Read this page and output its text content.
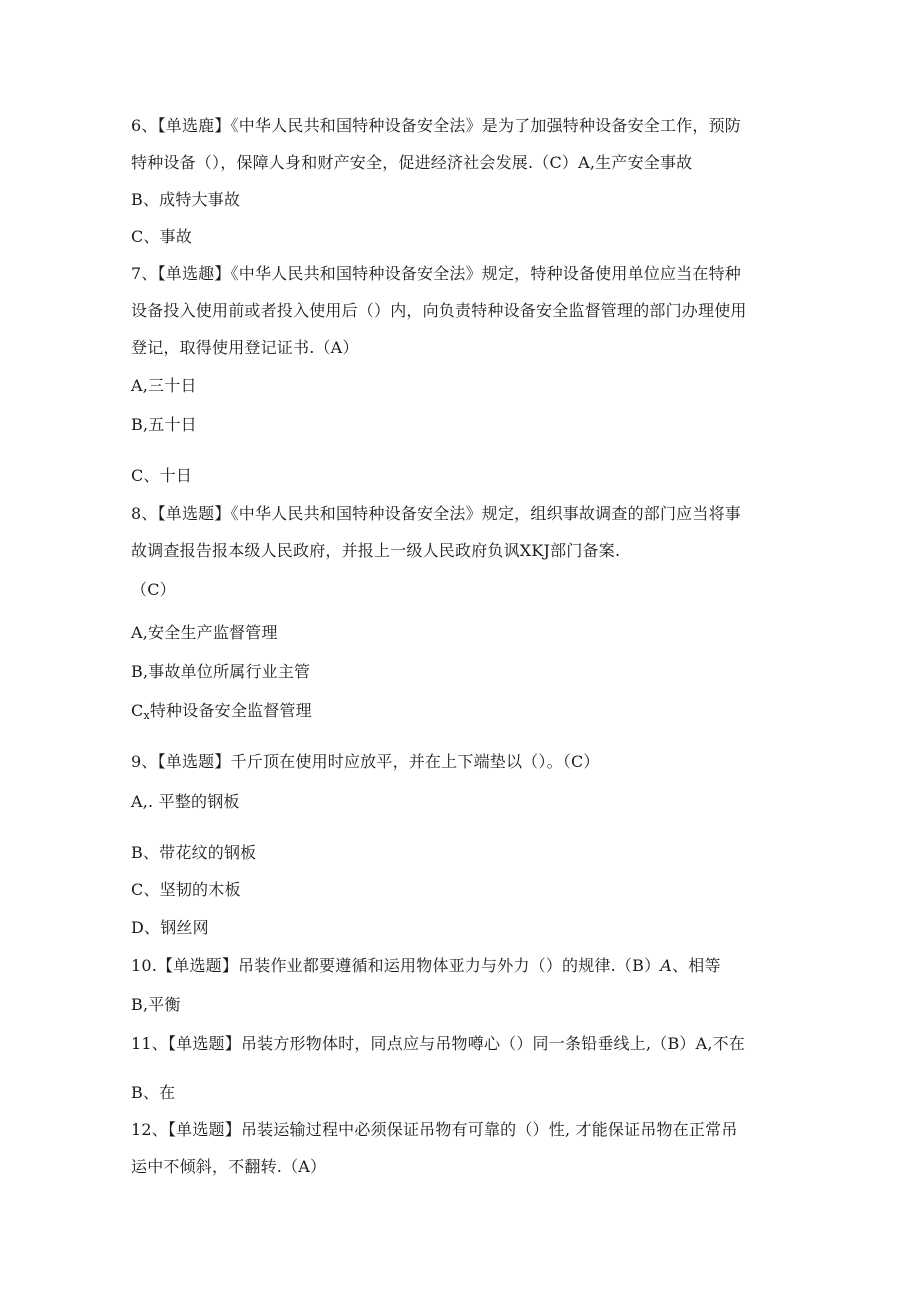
6、【单选鹿】《中华人民共和国特种设备安全法》是为了加强特种设备安全工作，预防
特种设备（），保障人身和财产安全，促进经济社会发展.（C）A,生产安全事故
B、成特大事故
C、事故
7、【单选趣】《中华人民共和国特种设备安全法》规定，特种设备使用单位应当在特种
设备投入使用前或者投入使用后（）内，向负责特种设备安全监督管理的部门办理使用
登记，取得使用登记证书.（A）
A,三十日
B,五十日
C、十日
8、【单选题】《中华人民共和国特种设备安全法》规定，组织事故调查的部门应当将事
故调查报告报本级人民政府，并报上一级人民政府负讽XKJ部门备案.
（C）
A,安全生产监督管理
B,事故单位所属行业主管
$C_x$特种设备安全监督管理
9、【单选题】千斤顶在使用时应放平，并在上下端垫以（）。（C）
A,. 平整的钢板
B、带花纹的钢板
C、坚韧的木板
D、钢丝网
10.【单选题】吊装作业都要遵循和运用物体亚力与外力（）的规律.（B）A、相等
B,平衡
11、【单选题】吊装方形物体时，同点应与吊物噂心（）同一条铅垂线上,（B）A,不在
B、在
12、【单选题】吊装运输过程中必须保证吊物有可靠的（）性, 才能保证吊物在正常吊
运中不倾斜，不翻转.（A）
